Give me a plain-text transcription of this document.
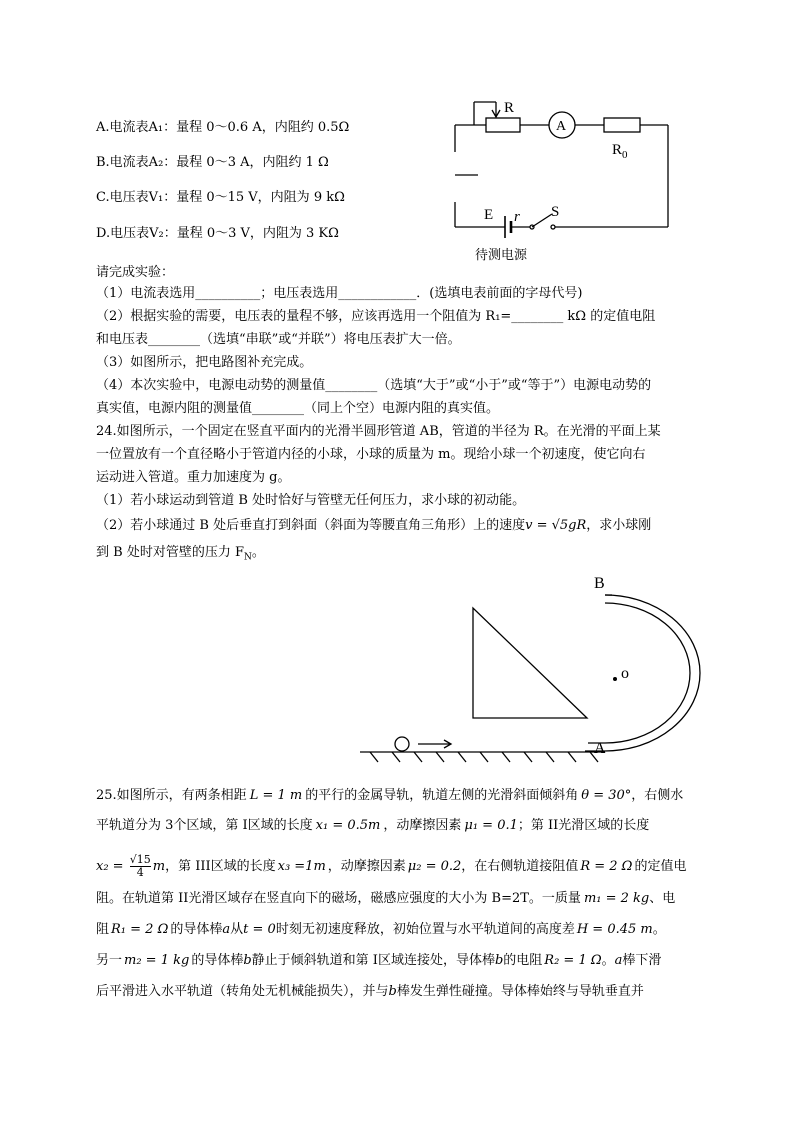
A.电流表A₁：量程 0～0.6 A，内阻约 0.5Ω
B.电流表A₂：最程 0～3 A，内阻约 1 Ω
C.电压表V₁：量程 0～15 V，内阻为 9 kΩ
D.电压表V₂：量程 0～3 V，内阻为 3 KΩ
R
A
$R_0$
E r S
待测电源
请完成实验：
（1）电流表选用__________；电压表选用____________．(选填电表前面的字母代号)
（2）根据实验的需要，电压表的量程不够，应该再选用一个阻值为 R₁=________ kΩ 的定值电阻
和电压表________（选填“串联”或“并联”）将电压表扩大一倍。
（3）如图所示，把电路图补充完成。
（4）本次实验中，电源电动势的测量值________（选填“大于”或“小于”或“等于”）电源电动势的
真实值，电源内阻的测量值________（同上个空）电源内阻的真实值。
24.如图所示，一个固定在竖直平面内的光滑半圆形管道 AB，管道的半径为 R。在光滑的平面上某
一位置放有一个直径略小于管道内径的小球，小球的质量为 m。现给小球一个初速度，使它向右
运动进入管道。重力加速度为 g。
（1）若小球运动到管道 B 处时恰好与管壁无任何压力，求小球的初动能。
（2）若小球通过 B 处后垂直打到斜面（斜面为等腰直角三角形）上的速度v = √5gR，求小球刚
到 B 处时对管壁的压力 $F_N$。
B
o
A
25.如图所示，有两条相距 L = 1 m 的平行的金属导轨，轨道左侧的光滑斜面倾斜角 θ = 30°，右侧水
平轨道分为 3个区域，第 I区域的长度 x₁ = 0.5m ，动摩擦因素 μ₁ = 0.1；第 II光滑区域的长度
$x_2 = \frac{√15}{4}$ m，第 III区域的长度 x₃ =1m ，动摩擦因素 μ₂ = 0.2，在右侧轨道接阻值 R = 2 Ω 的定值电
阻。在轨道第 II光滑区域存在竖直向下的磁场，磁感应强度的大小为 B=2T。一质量 m₁ = 2 kg、电
阻 R₁ = 2 Ω 的导体棒a从t = 0时刻无初速度释放，初始位置与水平轨道间的高度差 H = 0.45 m。
另一 m₂ = 1 kg 的导体棒b静止于倾斜轨道和第 I区域连接处，导体棒b的电阻 R₂ = 1 Ω。a棒下滑
后平滑进入水平轨道（转角处无机械能损失），并与b棒发生弹性碰撞。导体棒始终与导轨垂直并
